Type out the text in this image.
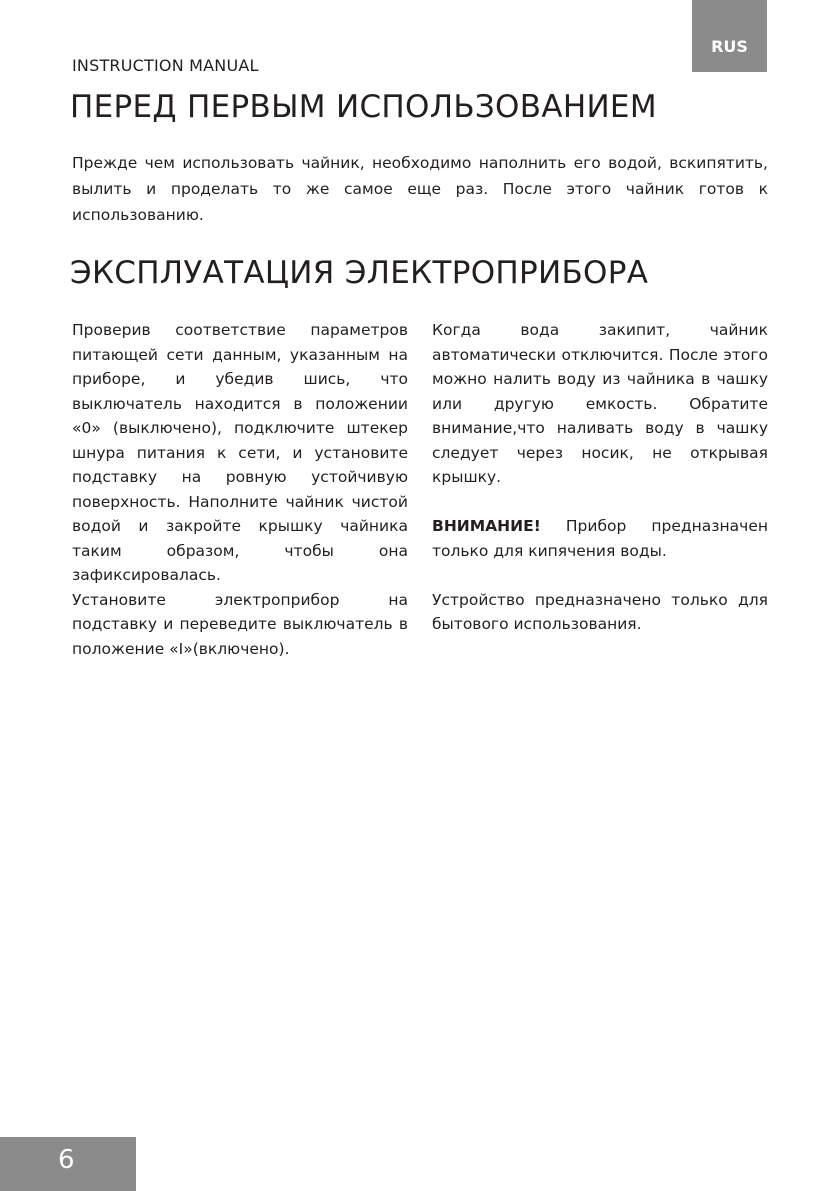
RUS
INSTRUCTION MANUAL
ПЕРЕД ПЕРВЫМ ИСПОЛЬЗОВАНИЕМ

Прежде чем использовать чайник, необходимо наполнить его водой, вскипятить, вылить и проделать то же самое еще раз. После этого чайник готов к использованию.

ЭКСПЛУАТАЦИЯ ЭЛЕКТРОПРИБОРА

Проверив соответствие параметров питающей сети данным, указанным на приборе, и убедив шись, что выключатель находится в положении «0» (выключено), подключите штекер шнура питания к сети, и установите подставку на ровную устойчивую поверхность. Наполните чайник чистой водой и закройте крышку чайника таким образом, чтобы она зафиксировалась.

Установите электроприбор на подставку и переведите выключатель в положение «I»(включено).

Когда вода закипит, чайник автоматически отключится. После этого можно налить воду из чайника в чашку или другую емкость. Обратите внимание,что наливать воду в чашку следует через носик, не открывая крышку.

ВНИМАНИЕ! Прибор предназначен только для кипячения воды.

Устройство предназначено только для бытового использования.

6
